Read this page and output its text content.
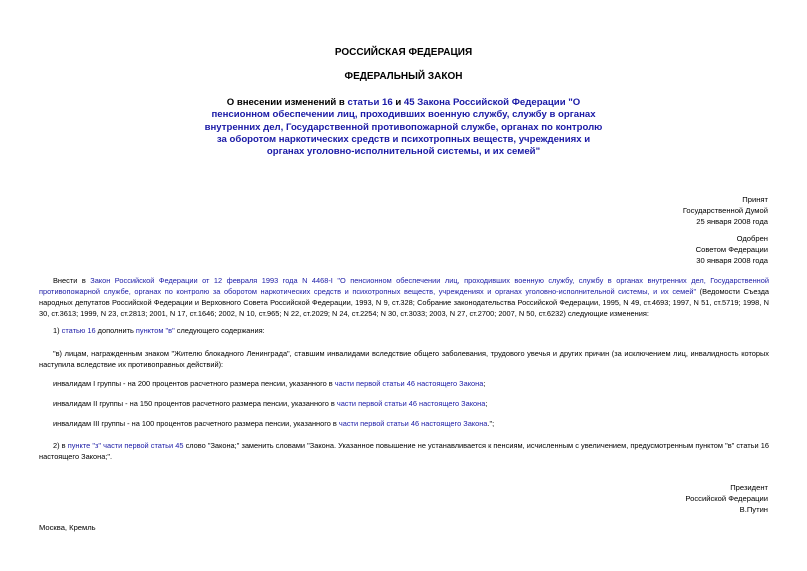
РОССИЙСКАЯ ФЕДЕРАЦИЯ
ФЕДЕРАЛЬНЫЙ ЗАКОН
О внесении изменений в статьи 16 и 45 Закона Российской Федерации "О пенсионном обеспечении лиц, проходивших военную службу, службу в органах внутренних дел, Государственной противопожарной службе, органах по контролю за оборотом наркотических средств и психотропных веществ, учреждениях и органах уголовно-исполнительной системы, и их семей"
Принят
Государственной Думой
25 января 2008 года
Одобрен
Советом Федерации
30 января 2008 года
Внести в Закон Российской Федерации от 12 февраля 1993 года N 4468-I "О пенсионном обеспечении лиц, проходивших военную службу, службу в органах внутренних дел, Государственной противопожарной службе, органах по контролю за оборотом наркотических средств и психотропных веществ, учреждениях и органах уголовно-исполнительной системы, и их семей" (Ведомости Съезда народных депутатов Российской Федерации и Верховного Совета Российской Федерации, 1993, N 9, ст.328; Собрание законодательства Российской Федерации, 1995, N 49, ст.4693; 1997, N 51, ст.5719; 1998, N 30, ст.3613; 1999, N 23, ст.2813; 2001, N 17, ст.1646; 2002, N 10, ст.965; N 22, ст.2029; N 24, ст.2254; N 30, ст.3033; 2003, N 27, ст.2700; 2007, N 50, ст.6232) следующие изменения:
1) статью 16 дополнить пунктом "в" следующего содержания:
"в) лицам, награжденным знаком "Жителю блокадного Ленинграда", ставшим инвалидами вследствие общего заболевания, трудового увечья и других причин (за исключением лиц, инвалидность которых наступила вследствие их противоправных действий):
инвалидам I группы - на 200 процентов расчетного размера пенсии, указанного в части первой статьи 46 настоящего Закона;
инвалидам II группы - на 150 процентов расчетного размера пенсии, указанного в части первой статьи 46 настоящего Закона;
инвалидам III группы - на 100 процентов расчетного размера пенсии, указанного в части первой статьи 46 настоящего Закона.";
2) в пункте "з" части первой статьи 45 слово "Закона;" заменить словами "Закона. Указанное повышение не устанавливается к пенсиям, исчисленным с увеличением, предусмотренным пунктом "в" статьи 16 настоящего Закона;".
Президент
Российской Федерации
В.Путин
Москва, Кремль
